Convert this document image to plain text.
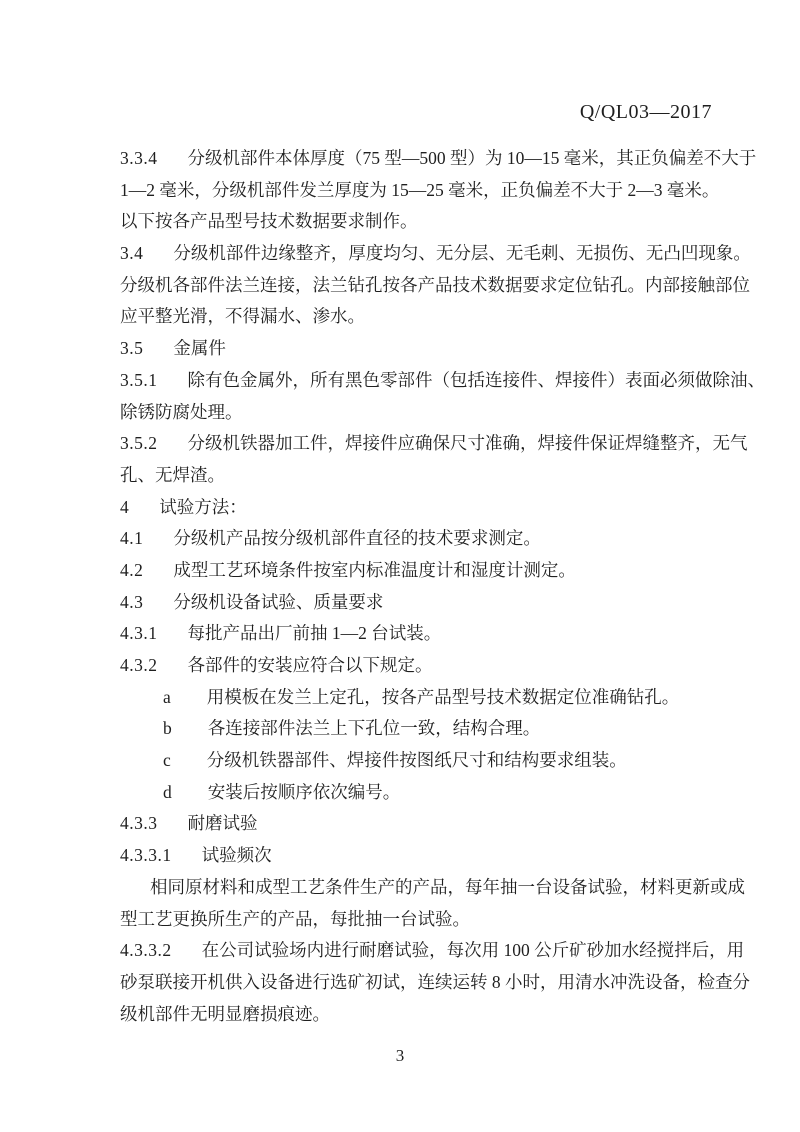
Q/QL03—2017
3.3.4 分级机部件本体厚度（75 型—500 型）为 10—15 毫米，其正负偏差不大于
1—2 毫米，分级机部件发兰厚度为 15—25 毫米，正负偏差不大于 2—3 毫米。
以下按各产品型号技术数据要求制作。
3.4 分级机部件边缘整齐，厚度均匀、无分层、无毛刺、无损伤、无凸凹现象。
分级机各部件法兰连接，法兰钻孔按各产品技术数据要求定位钻孔。内部接触部位
应平整光滑，不得漏水、渗水。
3.5 金属件
3.5.1 除有色金属外，所有黑色零部件（包括连接件、焊接件）表面必须做除油、
除锈防腐处理。
3.5.2 分级机铁器加工件，焊接件应确保尺寸准确，焊接件保证焊缝整齐，无气
孔、无焊渣。
4 试验方法：
4.1 分级机产品按分级机部件直径的技术要求测定。
4.2 成型工艺环境条件按室内标准温度计和湿度计测定。
4.3 分级机设备试验、质量要求
4.3.1 每批产品出厂前抽 1—2 台试装。
4.3.2 各部件的安装应符合以下规定。
a 用模板在发兰上定孔，按各产品型号技术数据定位准确钻孔。
b 各连接部件法兰上下孔位一致，结构合理。
c 分级机铁器部件、焊接件按图纸尺寸和结构要求组装。
d 安装后按顺序依次编号。
4.3.3 耐磨试验
4.3.3.1 试验频次
相同原材料和成型工艺条件生产的产品，每年抽一台设备试验，材料更新或成
型工艺更换所生产的产品，每批抽一台试验。
4.3.3.2 在公司试验场内进行耐磨试验，每次用 100 公斤矿砂加水经搅拌后，用
砂泵联接开机供入设备进行选矿初试，连续运转 8 小时，用清水冲洗设备，检查分
级机部件无明显磨损痕迹。
3
